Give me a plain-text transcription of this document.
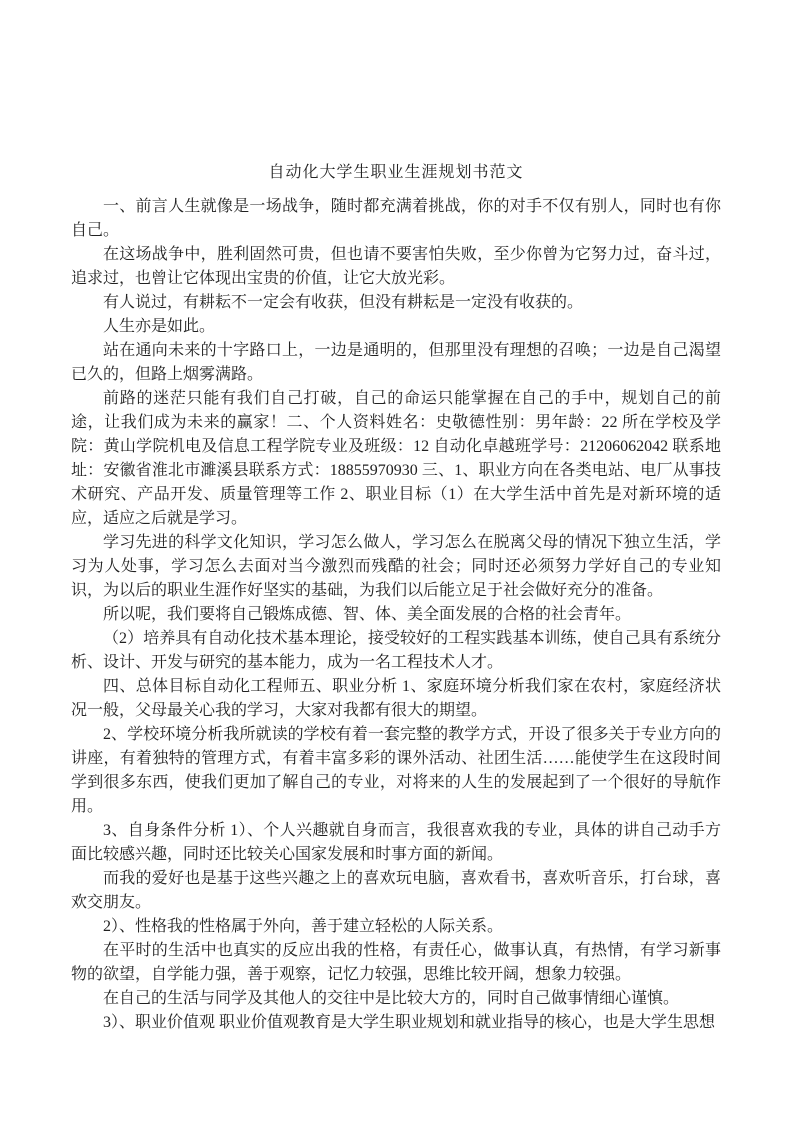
自动化大学生职业生涯规划书范文

一、前言人生就像是一场战争，随时都充满着挑战，你的对手不仅有别人，同时也有你自己。

在这场战争中，胜利固然可贵，但也请不要害怕失败，至少你曾为它努力过，奋斗过，追求过，也曾让它体现出宝贵的价值，让它大放光彩。

有人说过，有耕耘不一定会有收获，但没有耕耘是一定没有收获的。

人生亦是如此。

站在通向未来的十字路口上，一边是通明的，但那里没有理想的召唤；一边是自己渴望已久的，但路上烟雾满路。

前路的迷茫只能有我们自己打破，自己的命运只能掌握在自己的手中，规划自己的前途，让我们成为未来的赢家！二、个人资料姓名：史敬德性别：男年龄：22 所在学校及学院：黄山学院机电及信息工程学院专业及班级：12 自动化卓越班学号：21206062042 联系地址：安徽省淮北市濉溪县联系方式：18855970930 三、1、职业方向在各类电站、电厂从事技术研究、产品开发、质量管理等工作 2、职业目标（1）在大学生活中首先是对新环境的适应，适应之后就是学习。

学习先进的科学文化知识，学习怎么做人，学习怎么在脱离父母的情况下独立生活，学习为人处事，学习怎么去面对当今激烈而残酷的社会；同时还必须努力学好自己的专业知识，为以后的职业生涯作好坚实的基础，为我们以后能立足于社会做好充分的准备。

所以呢，我们要将自己锻炼成德、智、体、美全面发展的合格的社会青年。

（2）培养具有自动化技术基本理论，接受较好的工程实践基本训练，使自己具有系统分析、设计、开发与研究的基本能力，成为一名工程技术人才。

四、总体目标自动化工程师五、职业分析 1、家庭环境分析我们家在农村，家庭经济状况一般，父母最关心我的学习，大家对我都有很大的期望。

2、学校环境分析我所就读的学校有着一套完整的教学方式，开设了很多关于专业方向的讲座，有着独特的管理方式，有着丰富多彩的课外活动、社团生活……能使学生在这段时间学到很多东西，使我们更加了解自己的专业，对将来的人生的发展起到了一个很好的导航作用。

3、自身条件分析 1）、个人兴趣就自身而言，我很喜欢我的专业，具体的讲自己动手方面比较感兴趣，同时还比较关心国家发展和时事方面的新闻。

而我的爱好也是基于这些兴趣之上的喜欢玩电脑，喜欢看书，喜欢听音乐，打台球，喜欢交朋友。

2）、性格我的性格属于外向，善于建立轻松的人际关系。

在平时的生活中也真实的反应出我的性格，有责任心，做事认真，有热情，有学习新事物的欲望，自学能力强，善于观察，记忆力较强，思维比较开阔，想象力较强。

在自己的生活与同学及其他人的交往中是比较大方的，同时自己做事情细心谨慎。

3）、职业价值观 职业价值观教育是大学生职业规划和就业指导的核心，也是大学生思想
